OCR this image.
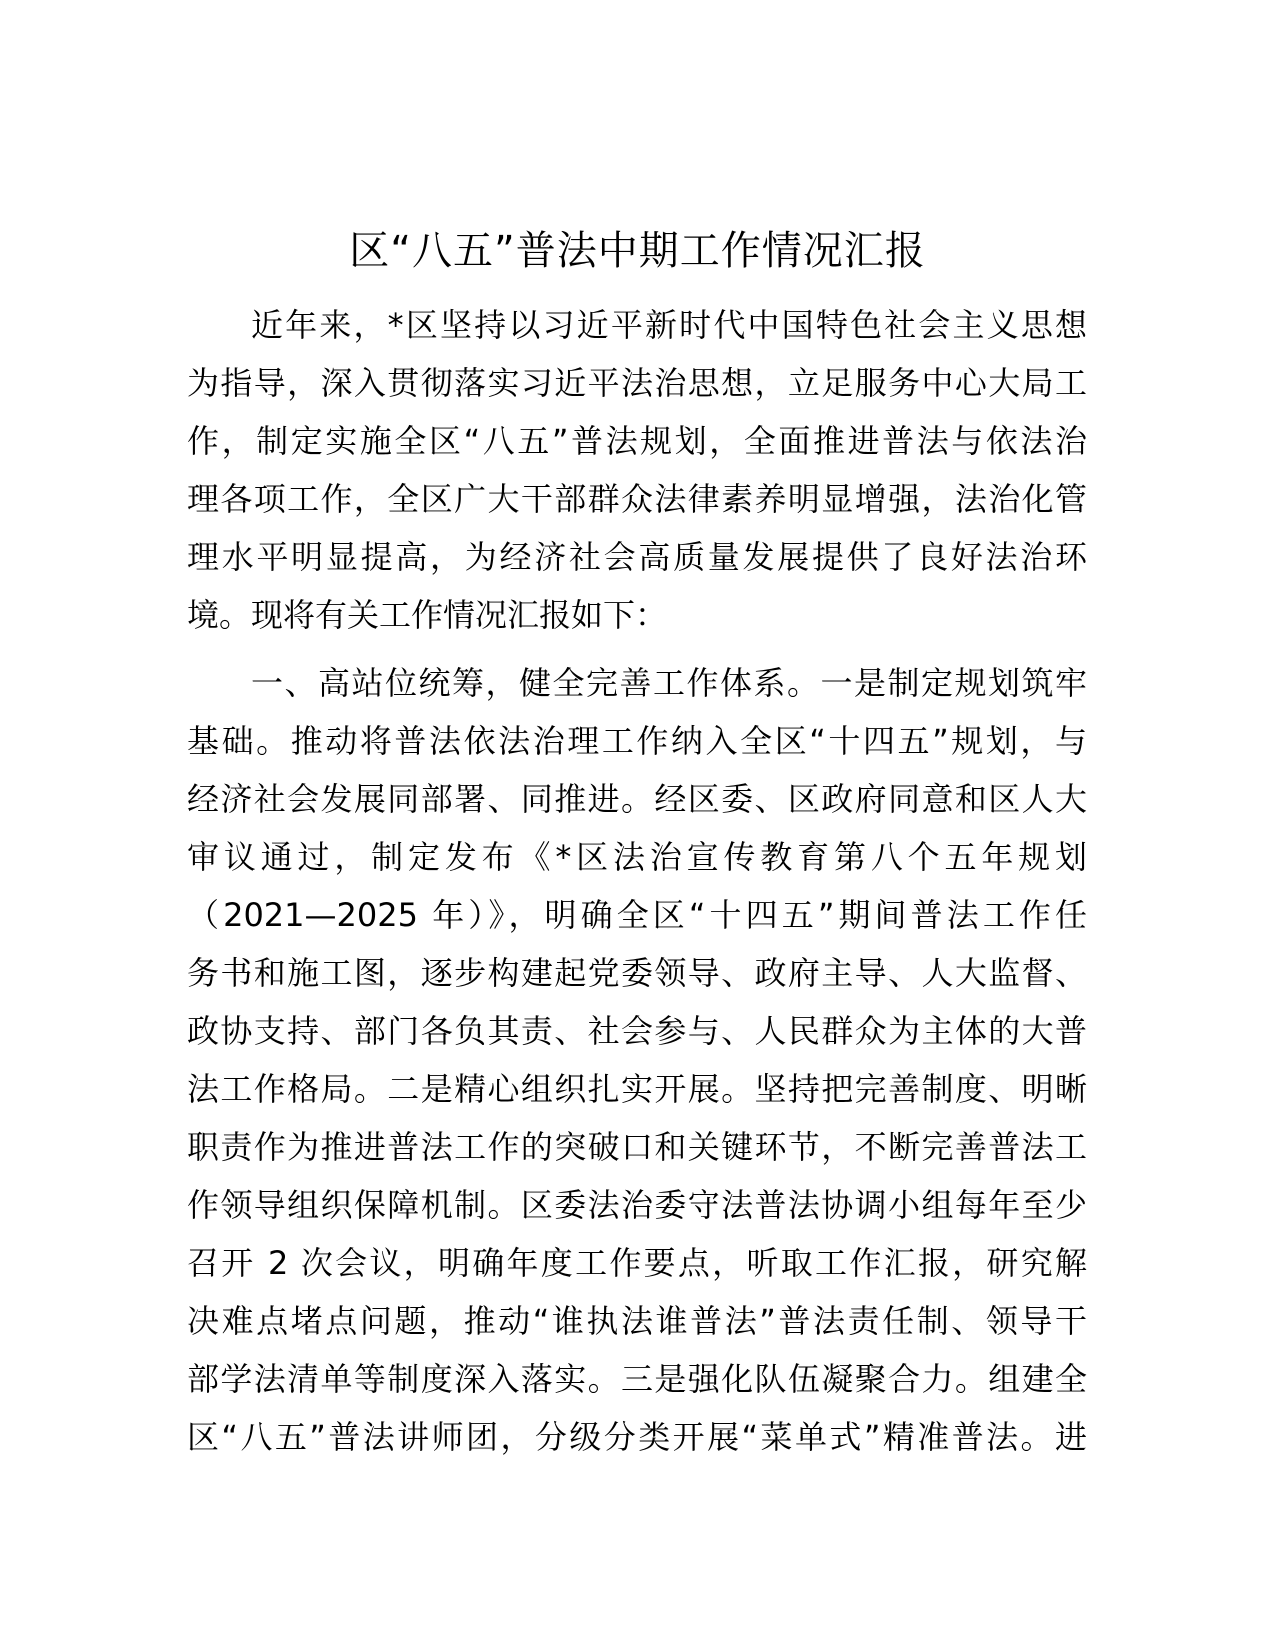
区“八五”普法中期工作情况汇报
近年来，*区坚持以习近平新时代中国特色社会主义思想
为指导，深入贯彻落实习近平法治思想，立足服务中心大局工
作，制定实施全区“八五”普法规划，全面推进普法与依法治
理各项工作，全区广大干部群众法律素养明显增强，法治化管
理水平明显提高，为经济社会高质量发展提供了良好法治环
境。现将有关工作情况汇报如下：
一、高站位统筹，健全完善工作体系。一是制定规划筑牢
基础。推动将普法依法治理工作纳入全区“十四五”规划，与
经济社会发展同部署、同推进。经区委、区政府同意和区人大
审议通过，制定发布《*区法治宣传教育第八个五年规划
（2021—2025 年）》，明确全区“十四五”期间普法工作任
务书和施工图，逐步构建起党委领导、政府主导、人大监督、
政协支持、部门各负其责、社会参与、人民群众为主体的大普
法工作格局。二是精心组织扎实开展。坚持把完善制度、明晰
职责作为推进普法工作的突破口和关键环节，不断完善普法工
作领导组织保障机制。区委法治委守法普法协调小组每年至少
召开 2 次会议，明确年度工作要点，听取工作汇报，研究解
决难点堵点问题，推动“谁执法谁普法”普法责任制、领导干
部学法清单等制度深入落实。三是强化队伍凝聚合力。组建全
区“八五”普法讲师团，分级分类开展“菜单式”精准普法。进
